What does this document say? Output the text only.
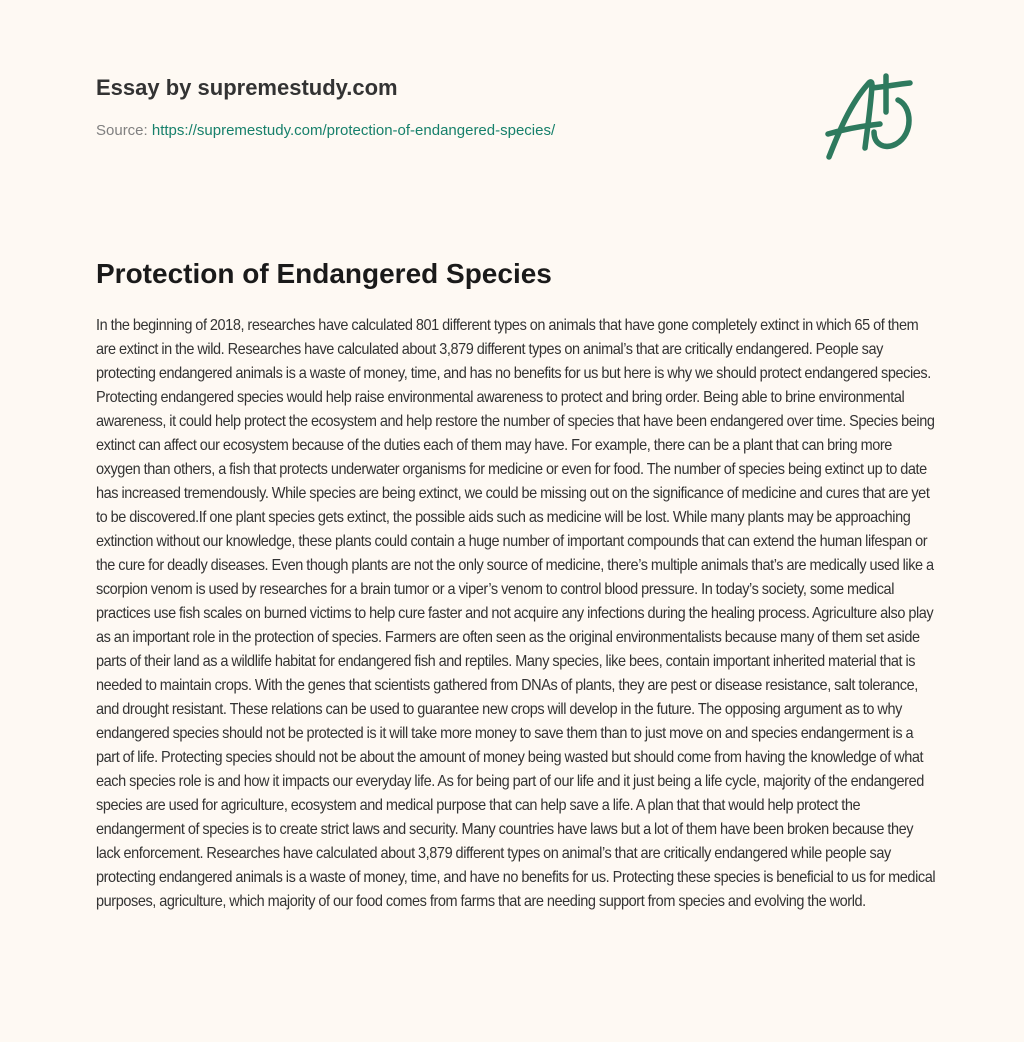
Essay by supremestudy.com
Source: https://supremestudy.com/protection-of-endangered-species/
Protection of Endangered Species

In the beginning of 2018, researches have calculated 801 different types on animals that have gone completely extinct in which 65 of them are extinct in the wild. Researches have calculated about 3,879 different types on animal’s that are critically endangered. People say protecting endangered animals is a waste of money, time, and has no benefits for us but here is why we should protect endangered species. Protecting endangered species would help raise environmental awareness to protect and bring order. Being able to brine environmental awareness, it could help protect the ecosystem and help restore the number of species that have been endangered over time. Species being extinct can affect our ecosystem because of the duties each of them may have. For example, there can be a plant that can bring more oxygen than others, a fish that protects underwater organisms for medicine or even for food. The number of species being extinct up to date has increased tremendously. While species are being extinct, we could be missing out on the significance of medicine and cures that are yet to be discovered.If one plant species gets extinct, the possible aids such as medicine will be lost. While many plants may be approaching extinction without our knowledge, these plants could contain a huge number of important compounds that can extend the human lifespan or the cure for deadly diseases. Even though plants are not the only source of medicine, there’s multiple animals that’s are medically used like a scorpion venom is used by researches for a brain tumor or a viper’s venom to control blood pressure. In today’s society, some medical practices use fish scales on burned victims to help cure faster and not acquire any infections during the healing process. Agriculture also play as an important role in the protection of species. Farmers are often seen as the original environmentalists because many of them set aside parts of their land as a wildlife habitat for endangered fish and reptiles. Many species, like bees, contain important inherited material that is needed to maintain crops. With the genes that scientists gathered from DNAs of plants, they are pest or disease resistance, salt tolerance, and drought resistant. These relations can be used to guarantee new crops will develop in the future. The opposing argument as to why endangered species should not be protected is it will take more money to save them than to just move on and species endangerment is a part of life. Protecting species should not be about the amount of money being wasted but should come from having the knowledge of what each species role is and how it impacts our everyday life. As for being part of our life and it just being a life cycle, majority of the endangered species are used for agriculture, ecosystem and medical purpose that can help save a life. A plan that that would help protect the endangerment of species is to create strict laws and security. Many countries have laws but a lot of them have been broken because they lack enforcement. Researches have calculated about 3,879 different types on animal’s that are critically endangered while people say protecting endangered animals is a waste of money, time, and have no benefits for us. Protecting these species is beneficial to us for medical purposes, agriculture, which majority of our food comes from farms that are needing support from species and evolving the world.
